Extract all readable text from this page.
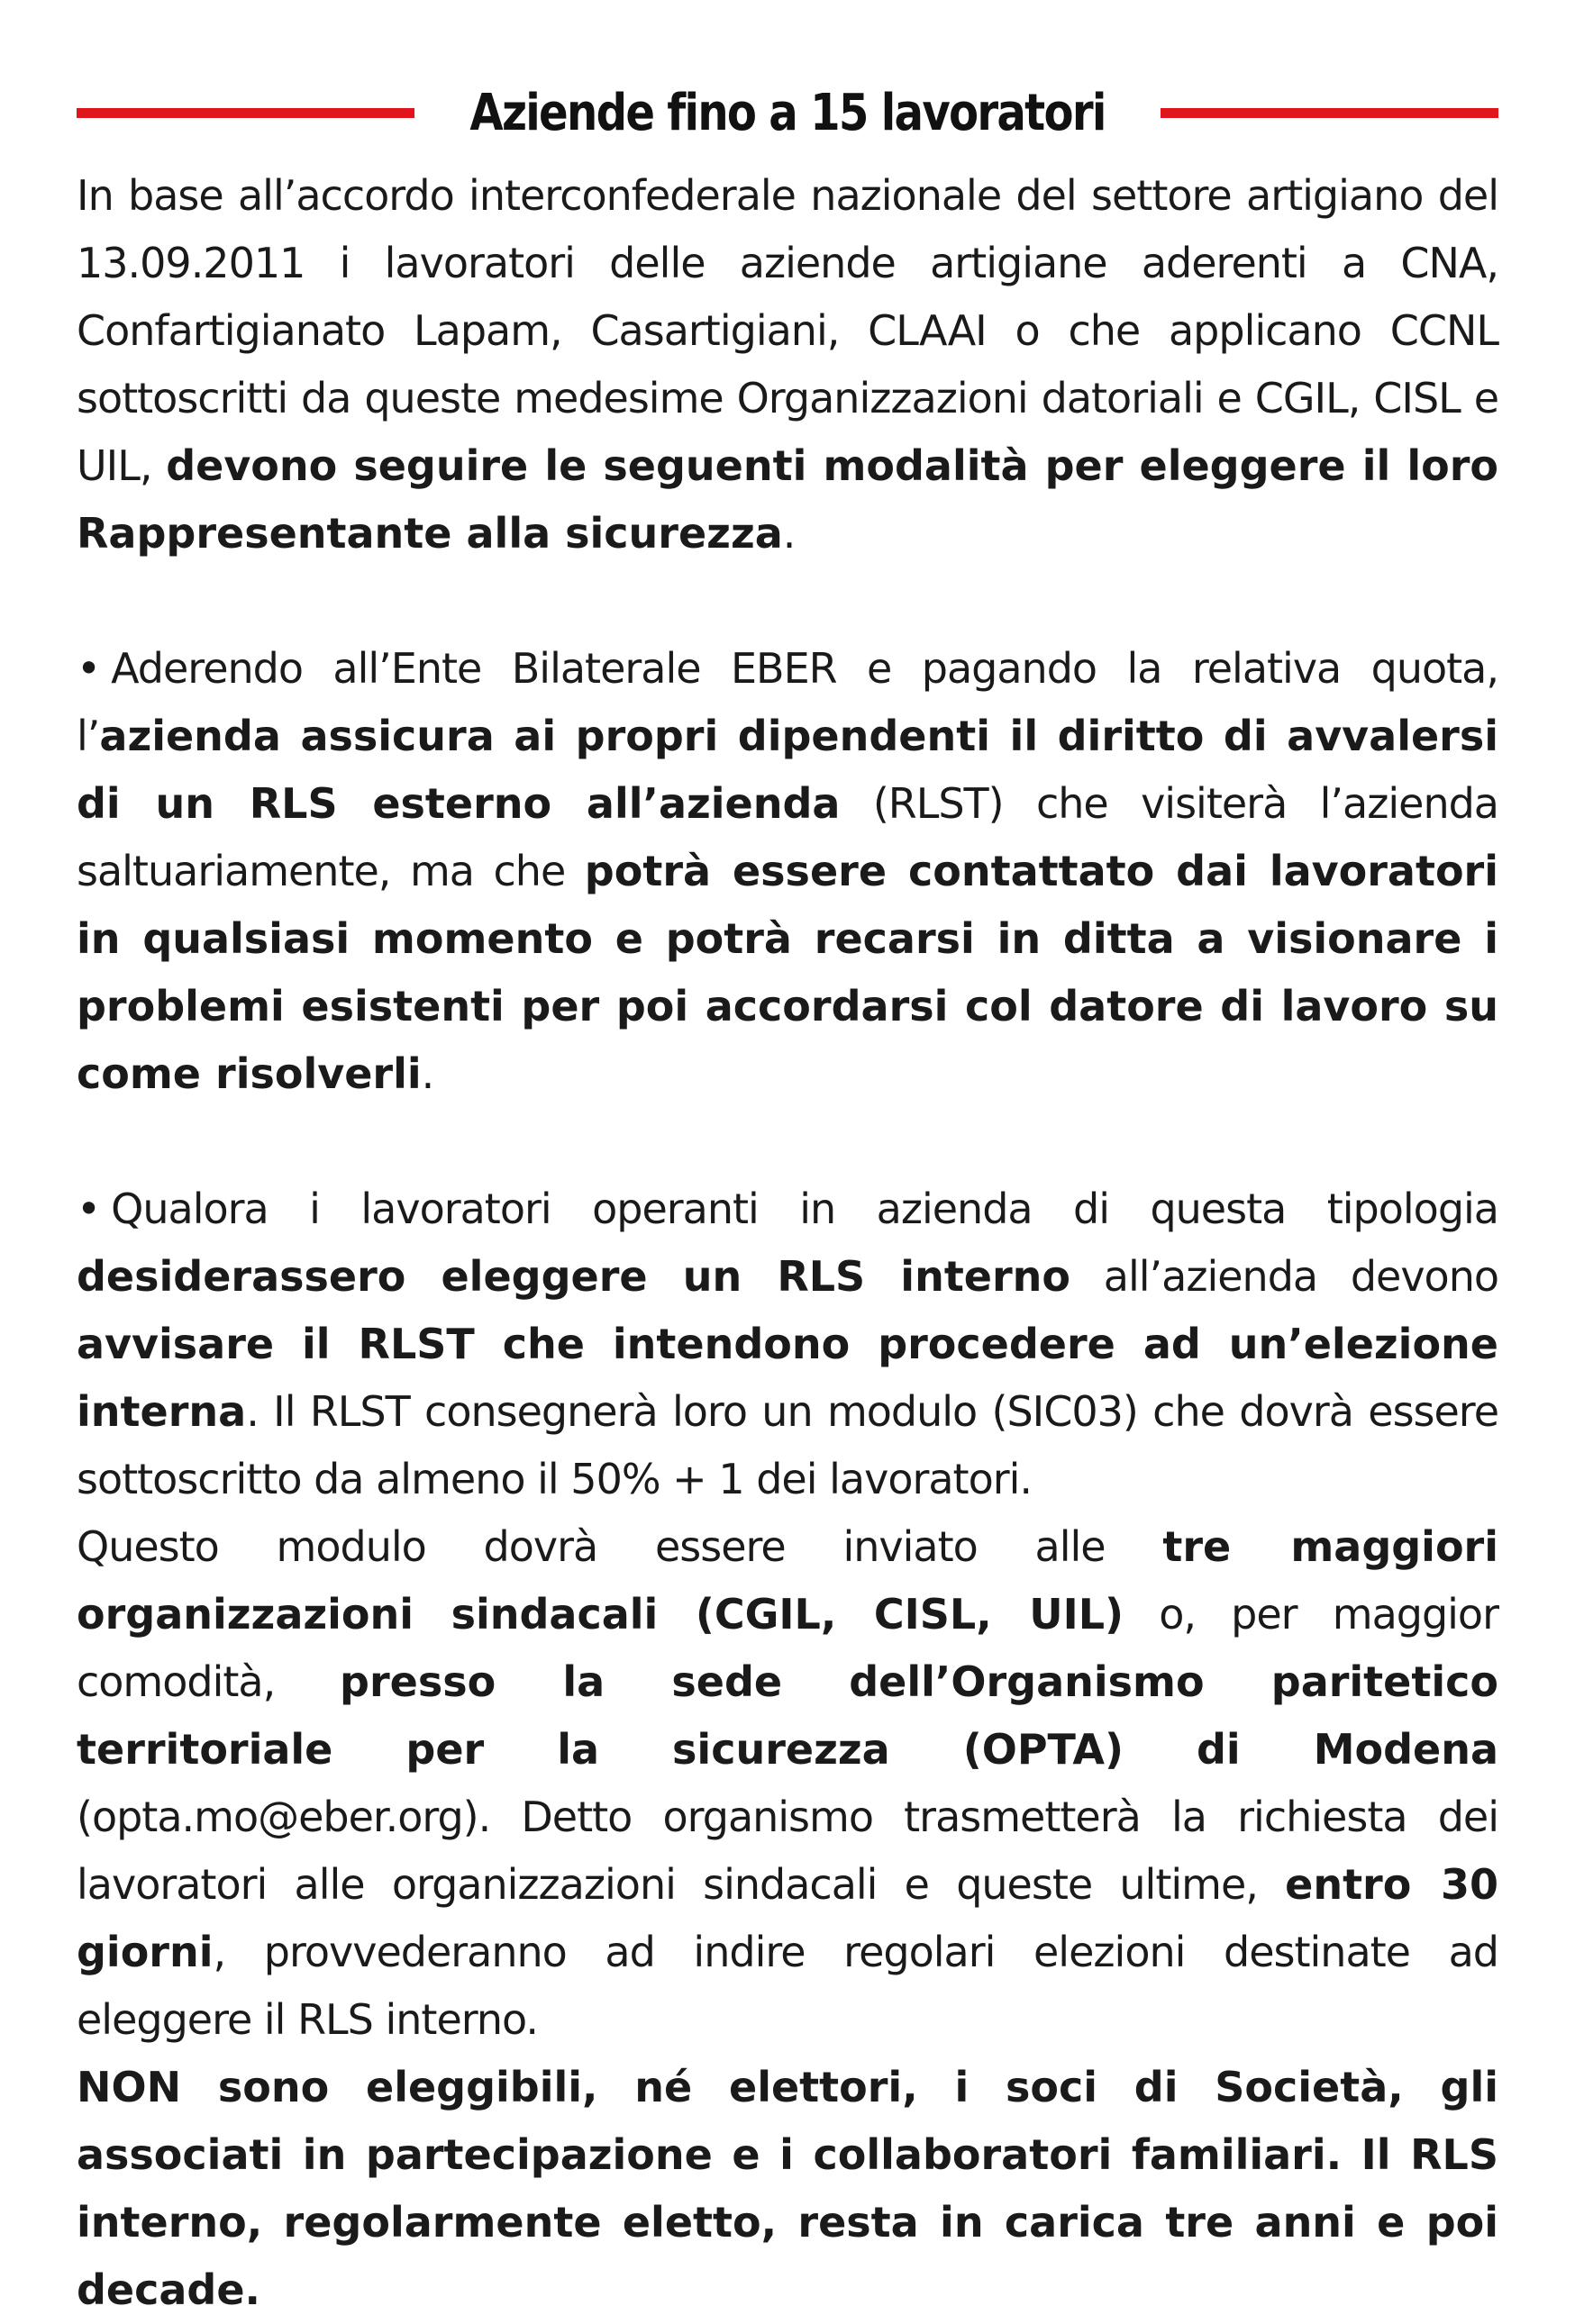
Aziende fino a 15 lavoratori

In base all’accordo interconfederale nazionale del settore artigiano del 13.09.2011 i lavoratori delle aziende artigiane aderenti a CNA, Confartigianato Lapam, Casartigiani, CLAAI o che applicano CCNL sottoscritti da queste medesime Organizzazioni datoriali e CGIL, CISL e UIL, devono seguire le seguenti modalità per eleggere il loro Rappresentante alla sicurezza.

• Aderendo all’Ente Bilaterale EBER e pagando la relativa quota, l’azienda assicura ai propri dipendenti il diritto di avvalersi di un RLS esterno all’azienda (RLST) che visiterà l’azienda saltuariamente, ma che potrà essere contattato dai lavoratori in qualsiasi momento e potrà recarsi in ditta a visionare i problemi esistenti per poi accordarsi col datore di lavoro su come risolverli.

• Qualora i lavoratori operanti in azienda di questa tipologia desiderassero eleggere un RLS interno all’azienda devono avvisare il RLST che intendono procedere ad un’elezione interna. Il RLST consegnerà loro un modulo (SIC03) che dovrà essere sottoscritto da almeno il 50% + 1 dei lavoratori.

Questo modulo dovrà essere inviato alle tre maggiori organizzazioni sindacali (CGIL, CISL, UIL) o, per maggior comodità, presso la sede dell’Organismo paritetico territoriale per la sicurezza (OPTA) di Modena (opta.mo@eber.org). Detto organismo trasmetterà la richiesta dei lavoratori alle organizzazioni sindacali e queste ultime, entro 30 giorni, provvederanno ad indire regolari elezioni destinate ad eleggere il RLS interno.

NON sono eleggibili, né elettori, i soci di Società, gli associati in partecipazione e i collaboratori familiari. Il RLS interno, regolarmente eletto, resta in carica tre anni e poi decade.
